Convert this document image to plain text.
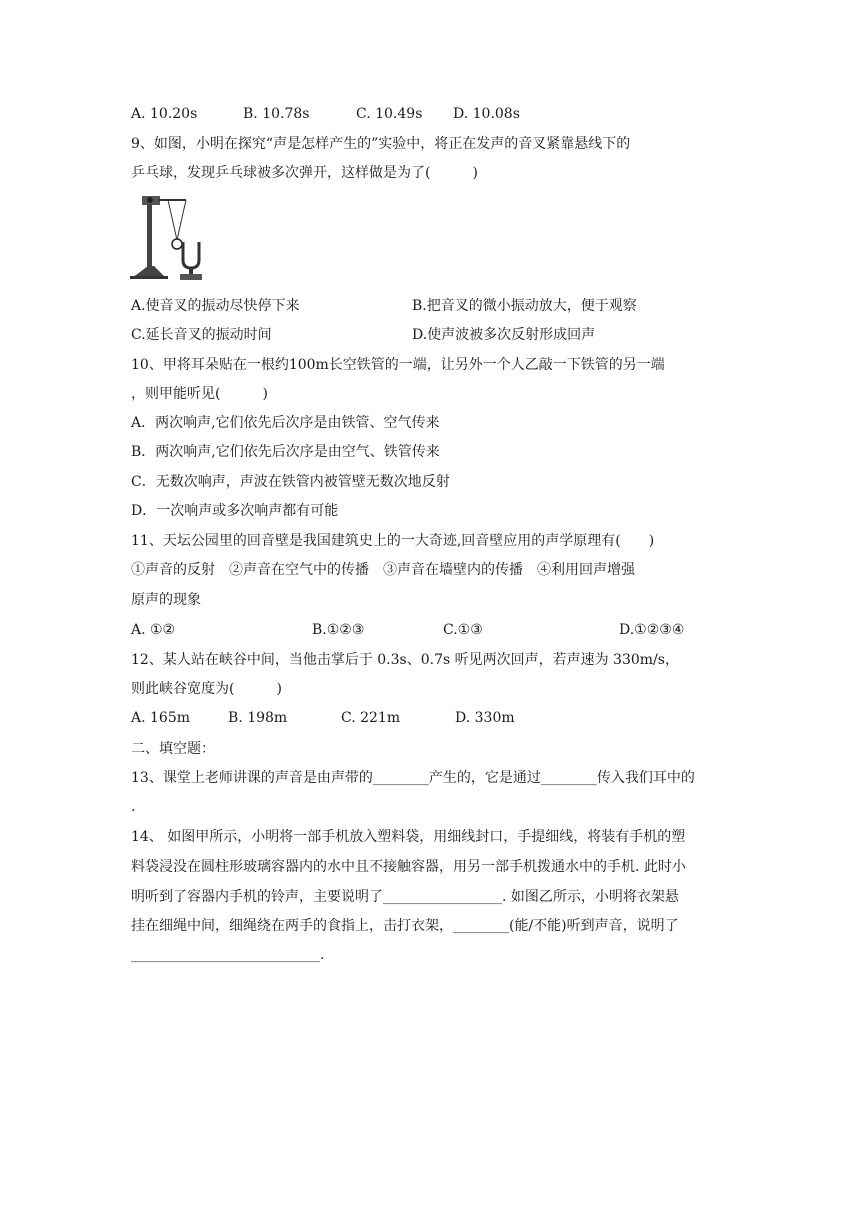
A. 10.20s	B. 10.78s	C. 10.49s D. 10.08s
9、如图，小明在探究“声是怎样产生的”实验中，将正在发声的音叉紧靠悬线下的
乒乓球，发现乒乓球被多次弹开，这样做是为了(　　　)
A.使音叉的振动尽快停下来	B.把音叉的微小振动放大，便于观察
C.延长音叉的振动时间	D.使声波被多次反射形成回声
10、甲将耳朵贴在一根约100m长空铁管的一端，让另外一个人乙敲一下铁管的另一端
，则甲能听见(　　　)
A．两次响声,它们依先后次序是由铁管、空气传来
B．两次响声,它们依先后次序是由空气、铁管传来
C．无数次响声，声波在铁管内被管壁无数次地反射
D．一次响声或多次响声都有可能
11、天坛公园里的回音壁是我国建筑史上的一大奇迹,回音壁应用的声学原理有(　　)
①声音的反射　②声音在空气中的传播　③声音在墙壁内的传播　④利用回声增强
原声的现象
A. ①②	B.①②③	C.①③	D.①②③④
12、某人站在峡谷中间，当他击掌后于 0.3s、0.7s 听见两次回声，若声速为 330m/s，
则此峡谷宽度为(　　　)
A. 165m	B. 198m	C. 221m	D. 330m
二、填空题：
13、课堂上老师讲课的声音是由声带的________产生的，它是通过________传入我们耳中的
.
14、 如图甲所示，小明将一部手机放入塑料袋，用细线封口，手提细线，将装有手机的塑
料袋浸没在圆柱形玻璃容器内的水中且不接触容器，用另一部手机拨通水中的手机. 此时小
明听到了容器内手机的铃声，主要说明了_________________. 如图乙所示，小明将衣架悬
挂在细绳中间，细绳绕在两手的食指上，击打衣架，________(能/不能)听到声音，说明了
___________________________.
